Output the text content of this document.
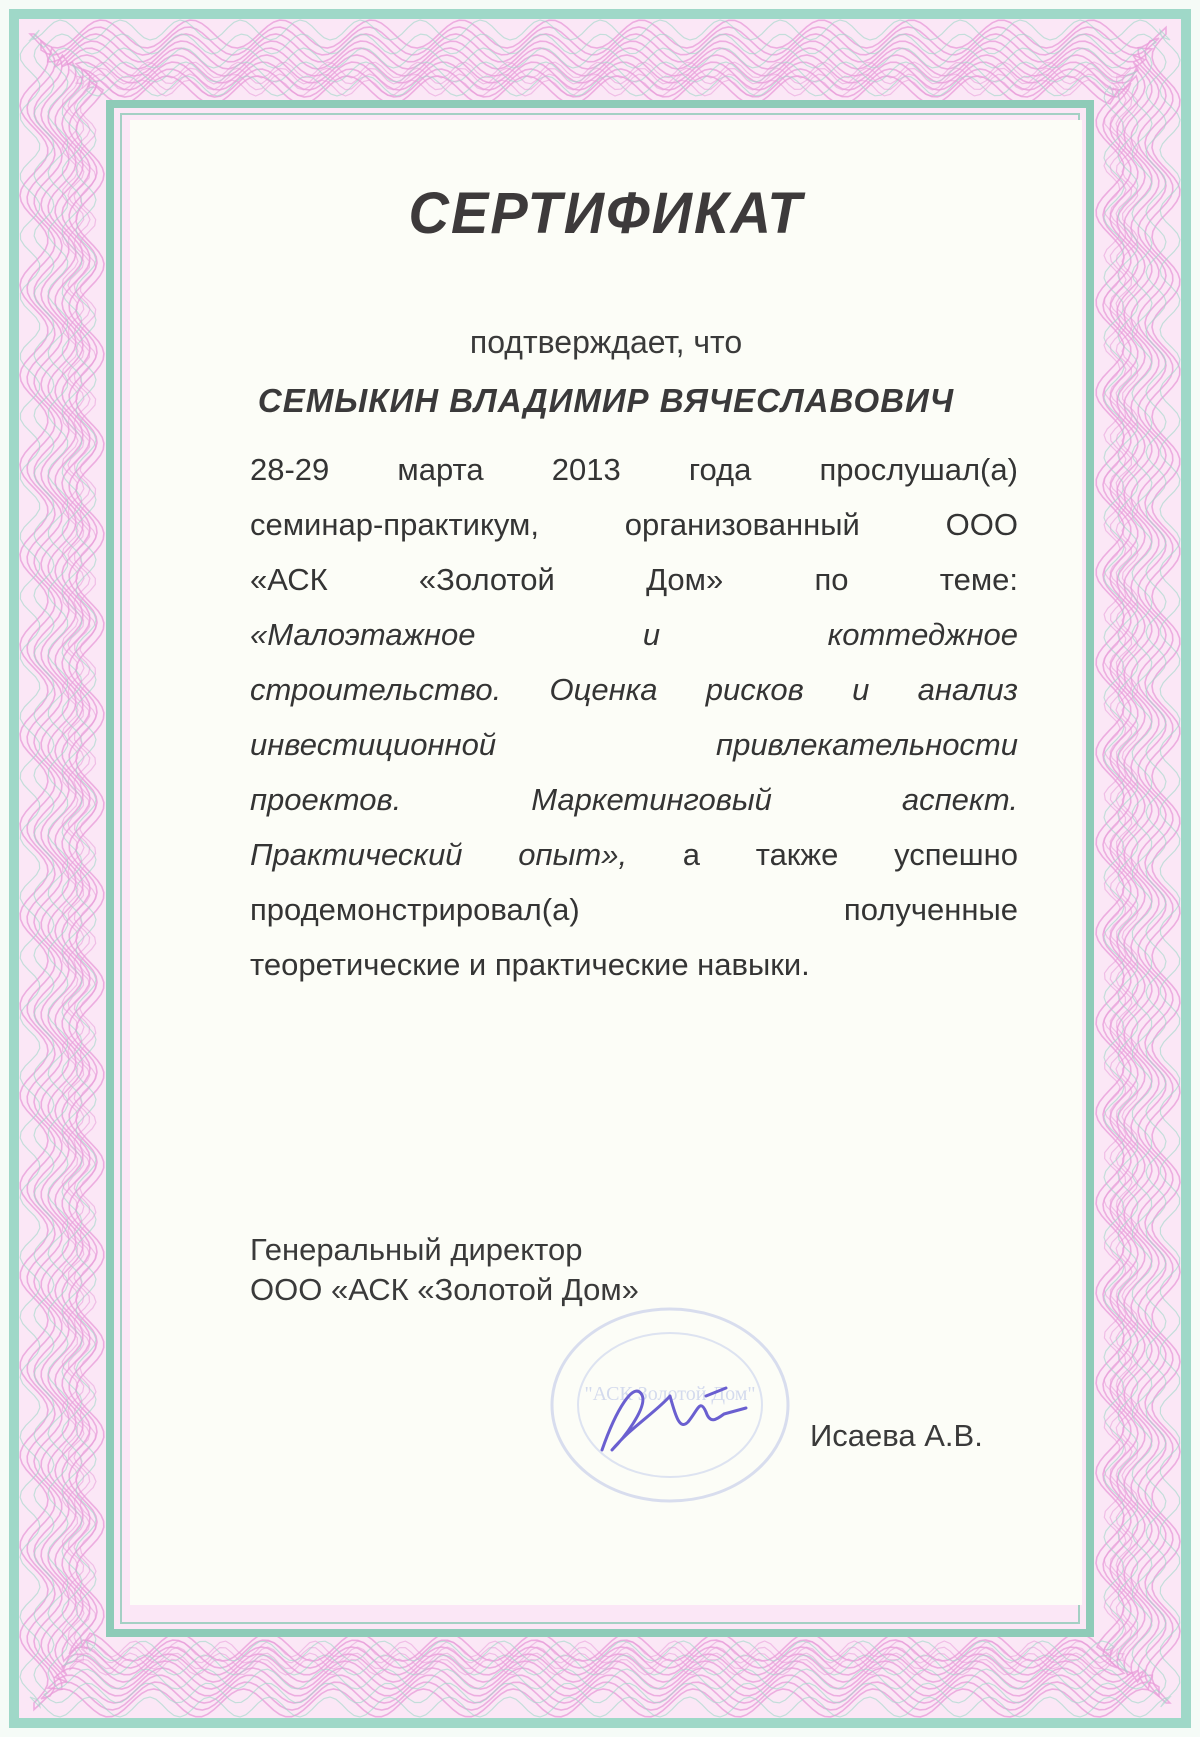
СЕРТИФИКАТ
подтверждает, что
СЕМЫКИН ВЛАДИМИР ВЯЧЕСЛАВОВИЧ
28-29 марта 2013 года прослушал(а)
семинар-практикум,	организованный	ООО
«АСК	«Золотой	Дом»	по	теме:
«Малоэтажное	и	коттеджное
строительство. Оценка рисков и анализ
инвестиционной	привлекательности
проектов.	Маркетинговый	аспект.
Практический опыт», а также успешно
продемонстрировал(а)	полученные
теоретические и практические навыки.
Генеральный директор
ООО «АСК «Золотой Дом»
"АСК Золотой Дом"
Исаева А.В.
